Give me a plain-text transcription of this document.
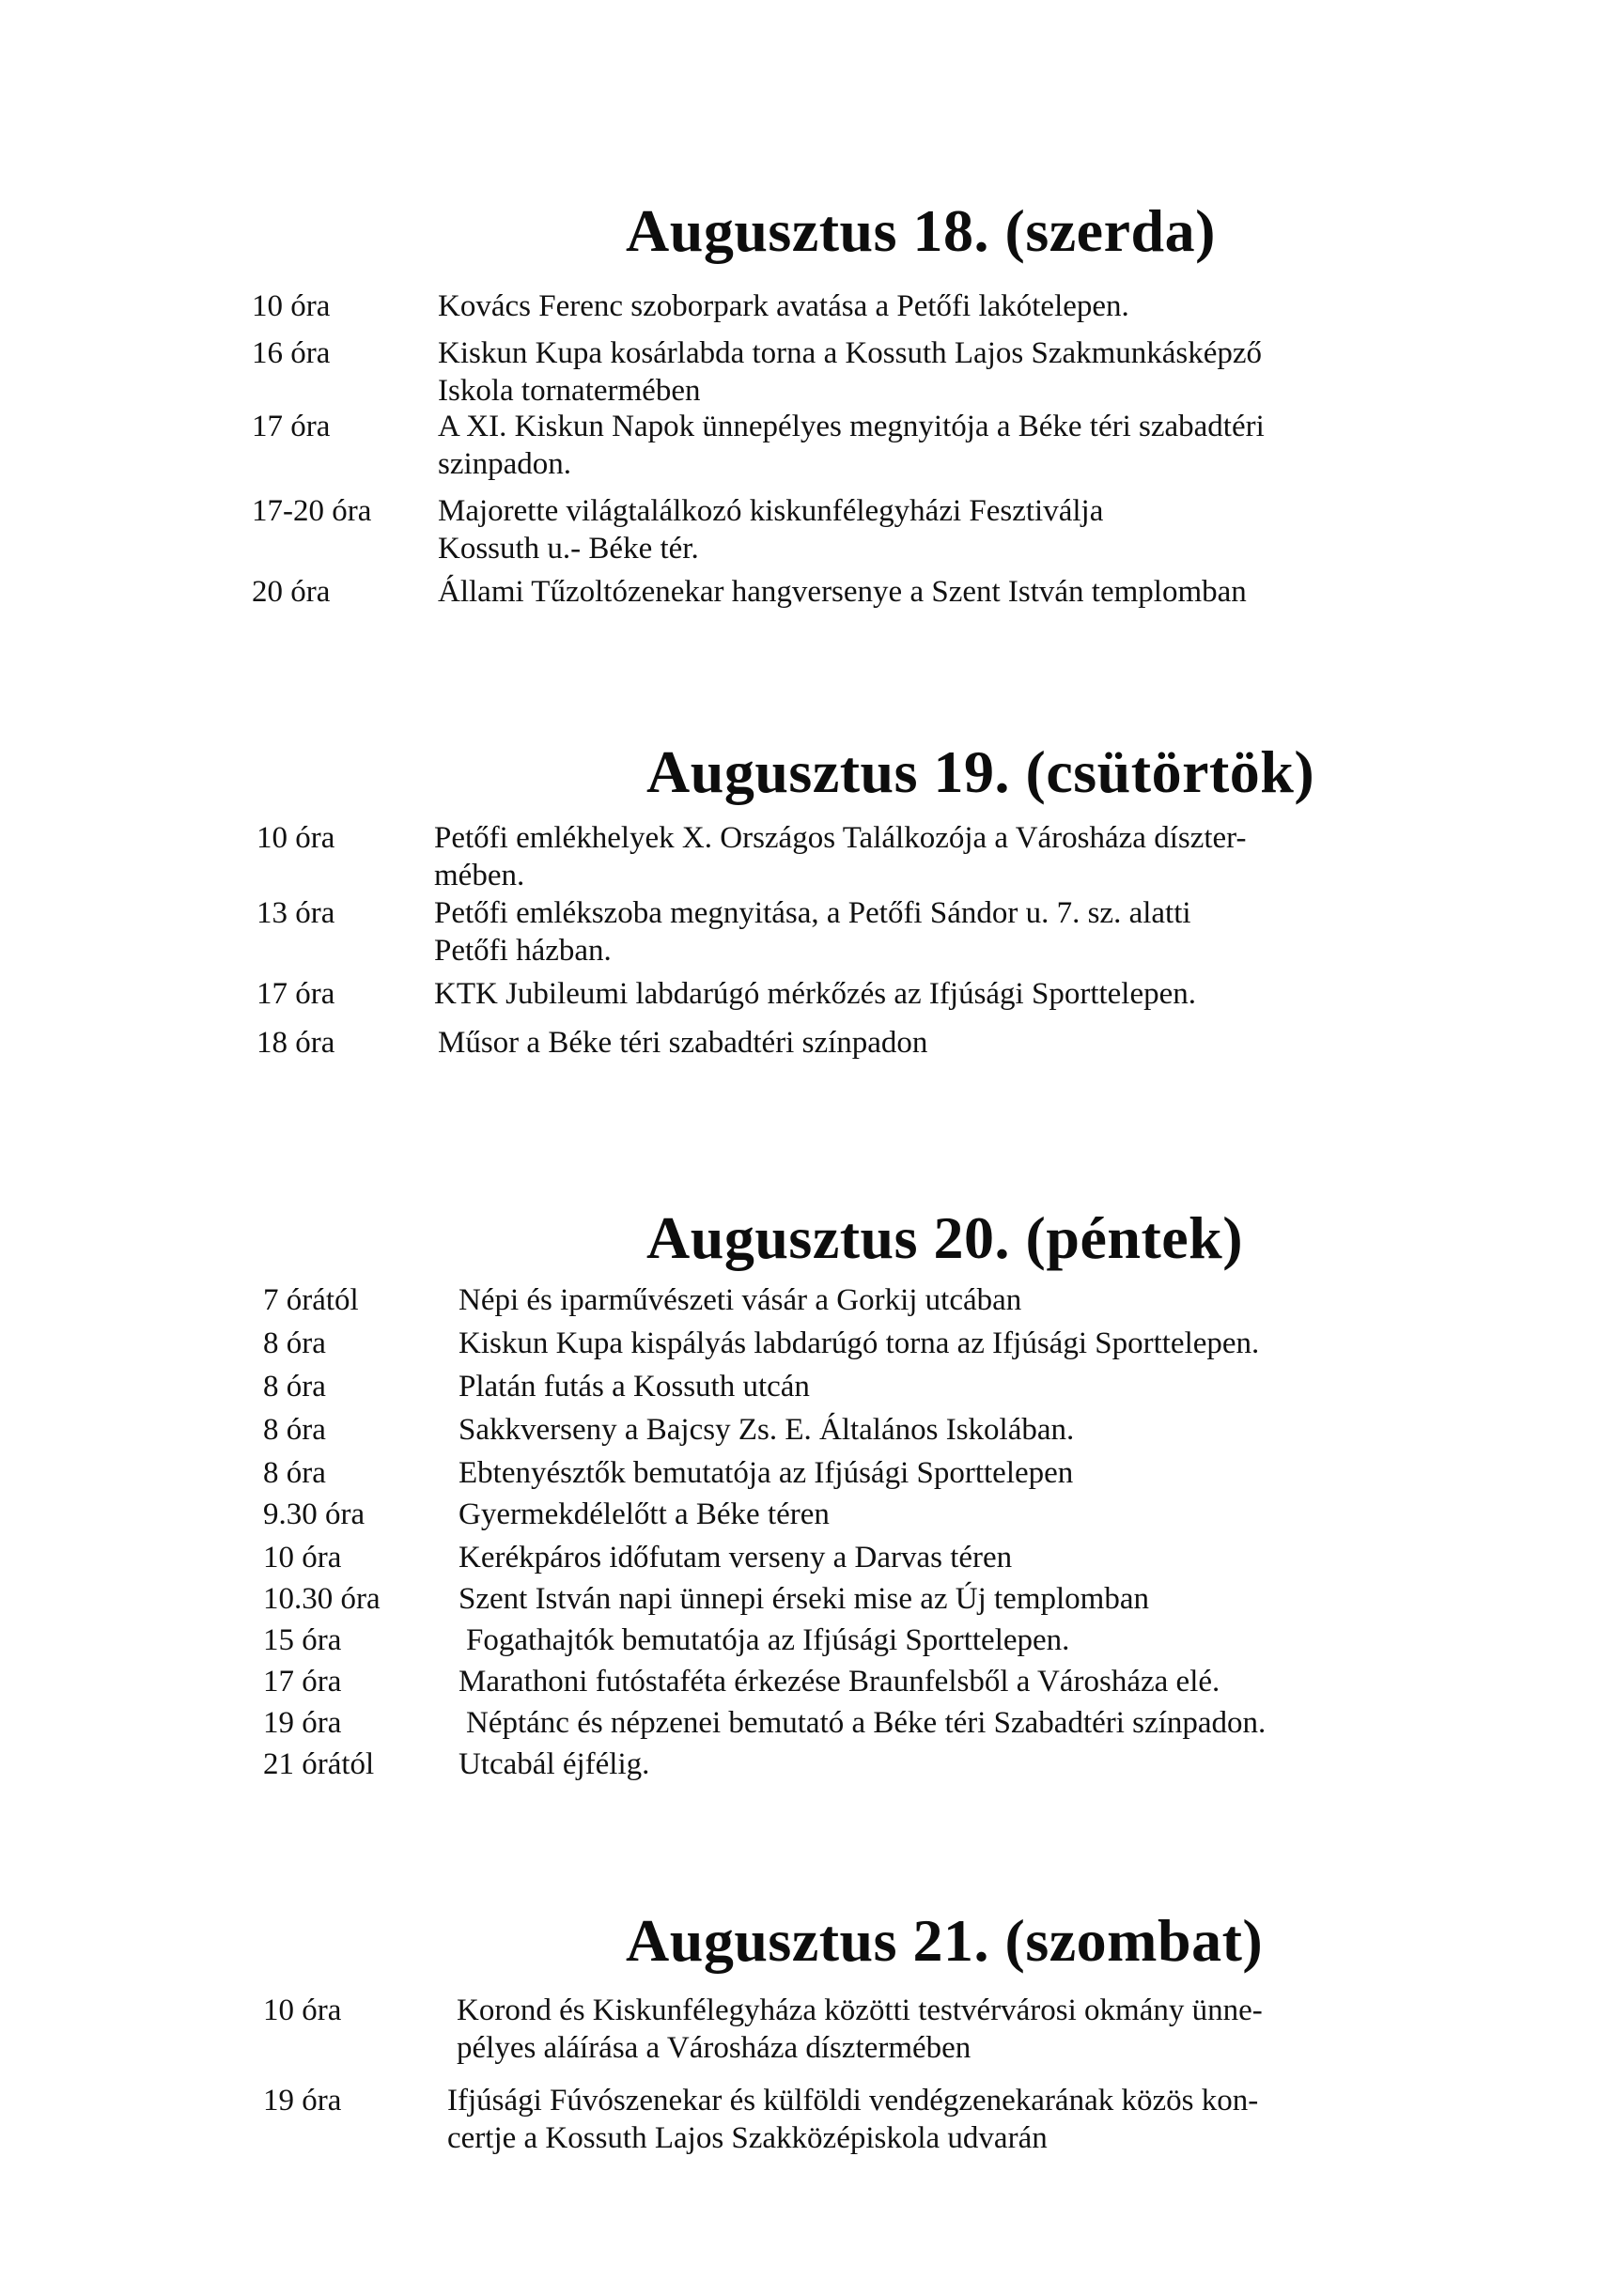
Augusztus 18. (szerda)
10 óra	Kovács Ferenc szoborpark avatása a Petőfi lakótelepen.
16 óra	Kiskun Kupa kosárlabda torna a Kossuth Lajos Szakmunkásképző
Iskola tornatermében
17 óra	A XI. Kiskun Napok ünnepélyes megnyitója a Béke téri szabadtéri
szinpadon.
17-20 óra Majorette világtalálkozó kiskunfélegyházi Fesztiválja
Kossuth u.- Béke tér.
20 óra	Állami Tűzoltózenekar hangversenye a Szent István templomban
Augusztus 19. (csütörtök)
10 óra	Petőfi emlékhelyek X. Országos Találkozója a Városháza díszter-
mében.
13 óra	Petőfi emlékszoba megnyitása, a Petőfi Sándor u. 7. sz. alatti
Petőfi házban.
17 óra	KTK Jubileumi labdarúgó mérkőzés az Ifjúsági Sporttelepen.
18 óra	Műsor a Béke téri szabadtéri színpadon
Augusztus 20. (péntek)
7 órától	Népi és iparművészeti vásár a Gorkij utcában
8 óra	Kiskun Kupa kispályás labdarúgó torna az Ifjúsági Sporttelepen.
8 óra	Platán futás a Kossuth utcán
8 óra	Sakkverseny a Bajcsy Zs. E. Általános Iskolában.
8 óra	Ebtenyésztők bemutatója az Ifjúsági Sporttelepen
9.30 óra	Gyermekdélelőtt a Béke téren
10 óra	Kerékpáros időfutam verseny a Darvas téren
10.30 óra	Szent István napi ünnepi érseki mise az Új templomban
15 óra	Fogathajtók bemutatója az Ifjúsági Sporttelepen.
17 óra	Marathoni futóstaféta érkezése Braunfelsből a Városháza elé.
19 óra	Néptánc és népzenei bemutató a Béke téri Szabadtéri színpadon.
21 órától	Utcabál éjfélig.
Augusztus 21. (szombat)
10 óra	Korond és Kiskunfélegyháza közötti testvérvárosi okmány ünne-
pélyes aláírása a Városháza dísztermében
19 óra	Ifjúsági Fúvószenekar és külföldi vendégzenekarának közös kon-
certje a Kossuth Lajos Szakközépiskola udvarán
